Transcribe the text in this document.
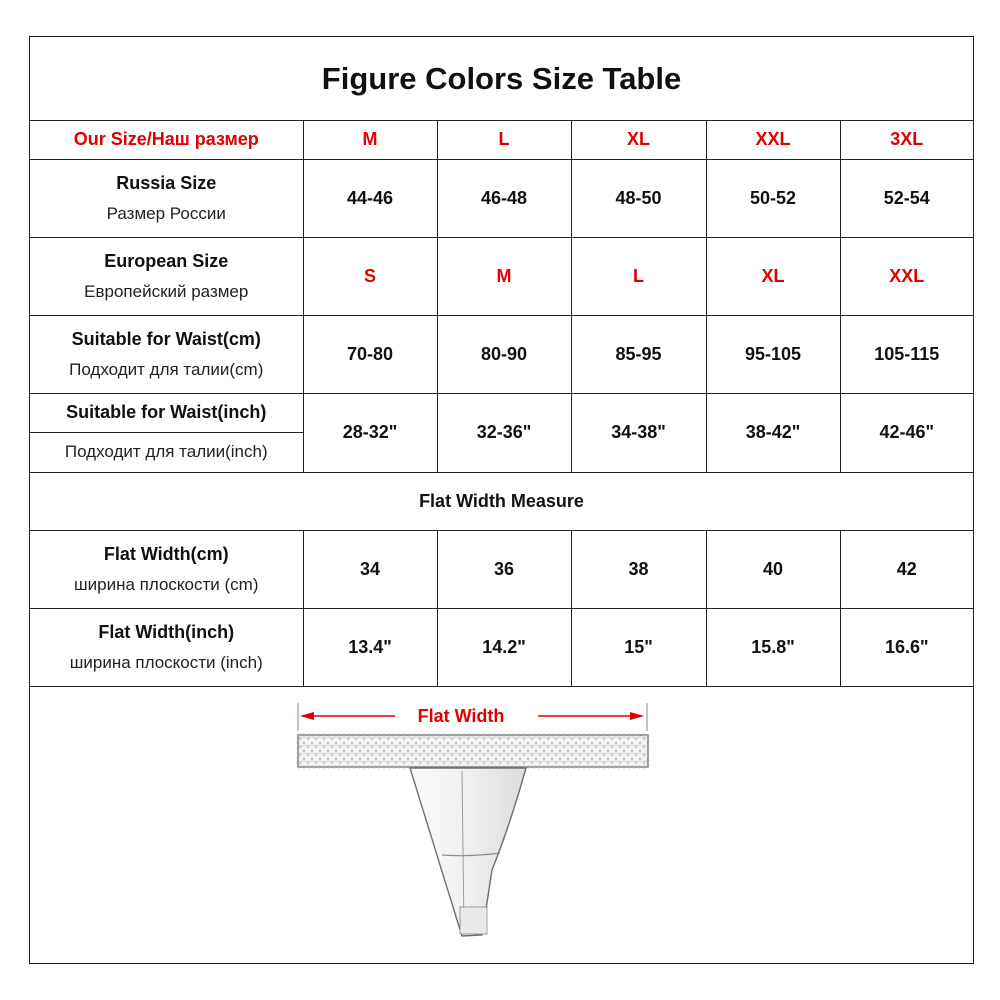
Figure Colors Size Table
Our Size/Наш размер	M	L	XL	XXL	3XL

Russia Size
Размер России	44-46	46-48	48-50	50-52	52-54

European Size
Европейский размер	S	M	L	XL	XXL

Suitable for Waist(cm)
Подходит для талии(cm)	70-80	80-90	85-95	95-105	105-115

Suitable for Waist(inch)
Подходит для талии(inch)	28-32"	32-36"	34-38"	38-42"	42-46"
Flat Width Measure					

Flat Width(cm)
ширина плоскости (cm)	34	36	38	40	42

Flat Width(inch)
ширина плоскости (inch)	13.4"	14.2"	15"	15.8"	16.6"
Flat Width
